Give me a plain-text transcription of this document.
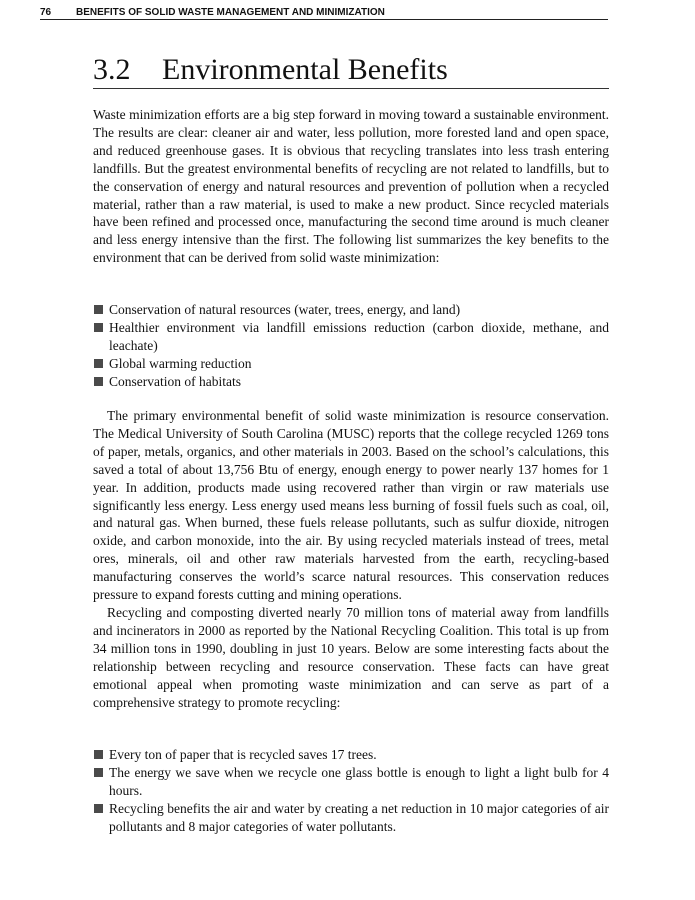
76 BENEFITS OF SOLID WASTE MANAGEMENT AND MINIMIZATION
3.2 Environmental Benefits

Waste minimization efforts are a big step forward in moving toward a sustainable environment. The results are clear: cleaner air and water, less pollution, more forested land and open space, and reduced greenhouse gases. It is obvious that recycling translates into less trash entering landfills. But the greatest environmental benefits of recycling are not related to landfills, but to the conservation of energy and natural resources and prevention of pollution when a recycled material, rather than a raw material, is used to make a new product. Since recycled materials have been refined and processed once, manufacturing the second time around is much cleaner and less energy intensive than the first. The following list summarizes the key benefits to the environment that can be derived from solid waste minimization:

Conservation of natural resources (water, trees, energy, and land)
Healthier environment via landfill emissions reduction (carbon dioxide, methane, and leachate)
Global warming reduction
Conservation of habitats

The primary environmental benefit of solid waste minimization is resource conservation. The Medical University of South Carolina (MUSC) reports that the college recycled 1269 tons of paper, metals, organics, and other materials in 2003. Based on the school’s calculations, this saved a total of about 13,756 Btu of energy, enough energy to power nearly 137 homes for 1 year. In addition, products made using recovered rather than virgin or raw materials use significantly less energy. Less energy used means less burning of fossil fuels such as coal, oil, and natural gas. When burned, these fuels release pollutants, such as sulfur dioxide, nitrogen oxide, and carbon monoxide, into the air. By using recycled materials instead of trees, metal ores, minerals, oil and other raw materials harvested from the earth, recycling-based manufacturing conserves the world’s scarce natural resources. This conservation reduces pressure to expand forests cutting and mining operations.

Recycling and composting diverted nearly 70 million tons of material away from landfills and incinerators in 2000 as reported by the National Recycling Coalition. This total is up from 34 million tons in 1990, doubling in just 10 years. Below are some interesting facts about the relationship between recycling and resource conservation. These facts can have great emotional appeal when promoting waste minimization and can serve as part of a comprehensive strategy to promote recycling:

Every ton of paper that is recycled saves 17 trees.
The energy we save when we recycle one glass bottle is enough to light a light bulb for 4 hours.
Recycling benefits the air and water by creating a net reduction in 10 major categories of air pollutants and 8 major categories of water pollutants.
